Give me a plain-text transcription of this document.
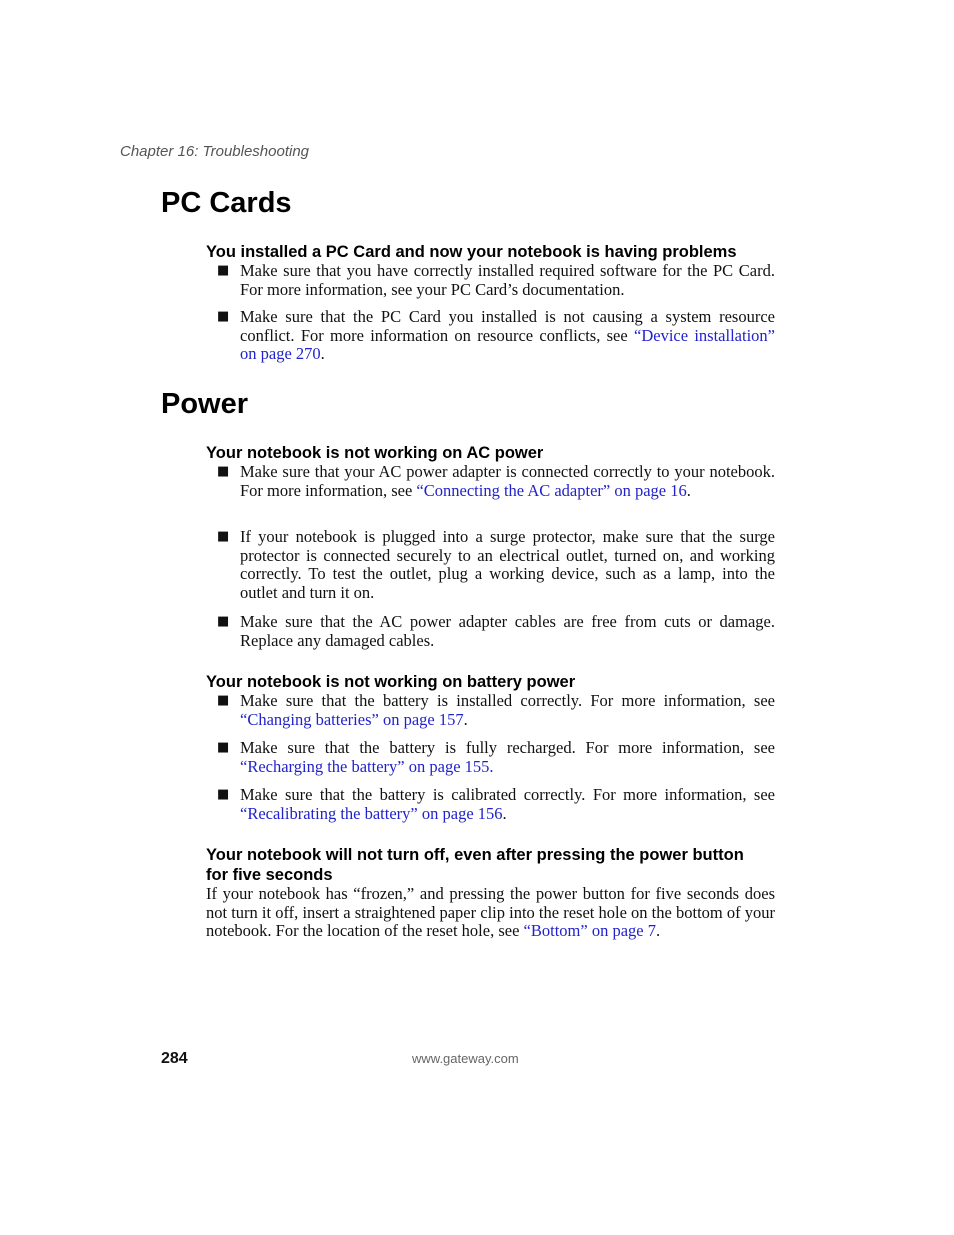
Chapter 16: Troubleshooting
PC Cards
You installed a PC Card and now your notebook is having problems
■ Make sure that you have correctly installed required software for the PC Card. For more information, see your PC Card’s documentation.
■ Make sure that the PC Card you installed is not causing a system resource conflict. For more information on resource conflicts, see “Device installation” on page 270.
Power
Your notebook is not working on AC power
■ Make sure that your AC power adapter is connected correctly to your notebook. For more information, see “Connecting the AC adapter” on page 16.
■ If your notebook is plugged into a surge protector, make sure that the surge protector is connected securely to an electrical outlet, turned on, and working correctly. To test the outlet, plug a working device, such as a lamp, into the outlet and turn it on.
■ Make sure that the AC power adapter cables are free from cuts or damage. Replace any damaged cables.
Your notebook is not working on battery power
■ Make sure that the battery is installed correctly. For more information, see “Changing batteries” on page 157.
■ Make sure that the battery is fully recharged. For more information, see “Recharging the battery” on page 155.
■ Make sure that the battery is calibrated correctly. For more information, see “Recalibrating the battery” on page 156.
Your notebook will not turn off, even after pressing the power button for five seconds
If your notebook has “frozen,” and pressing the power button for five seconds does not turn it off, insert a straightened paper clip into the reset hole on the bottom of your notebook. For the location of the reset hole, see “Bottom” on page 7.
284	www.gateway.com
